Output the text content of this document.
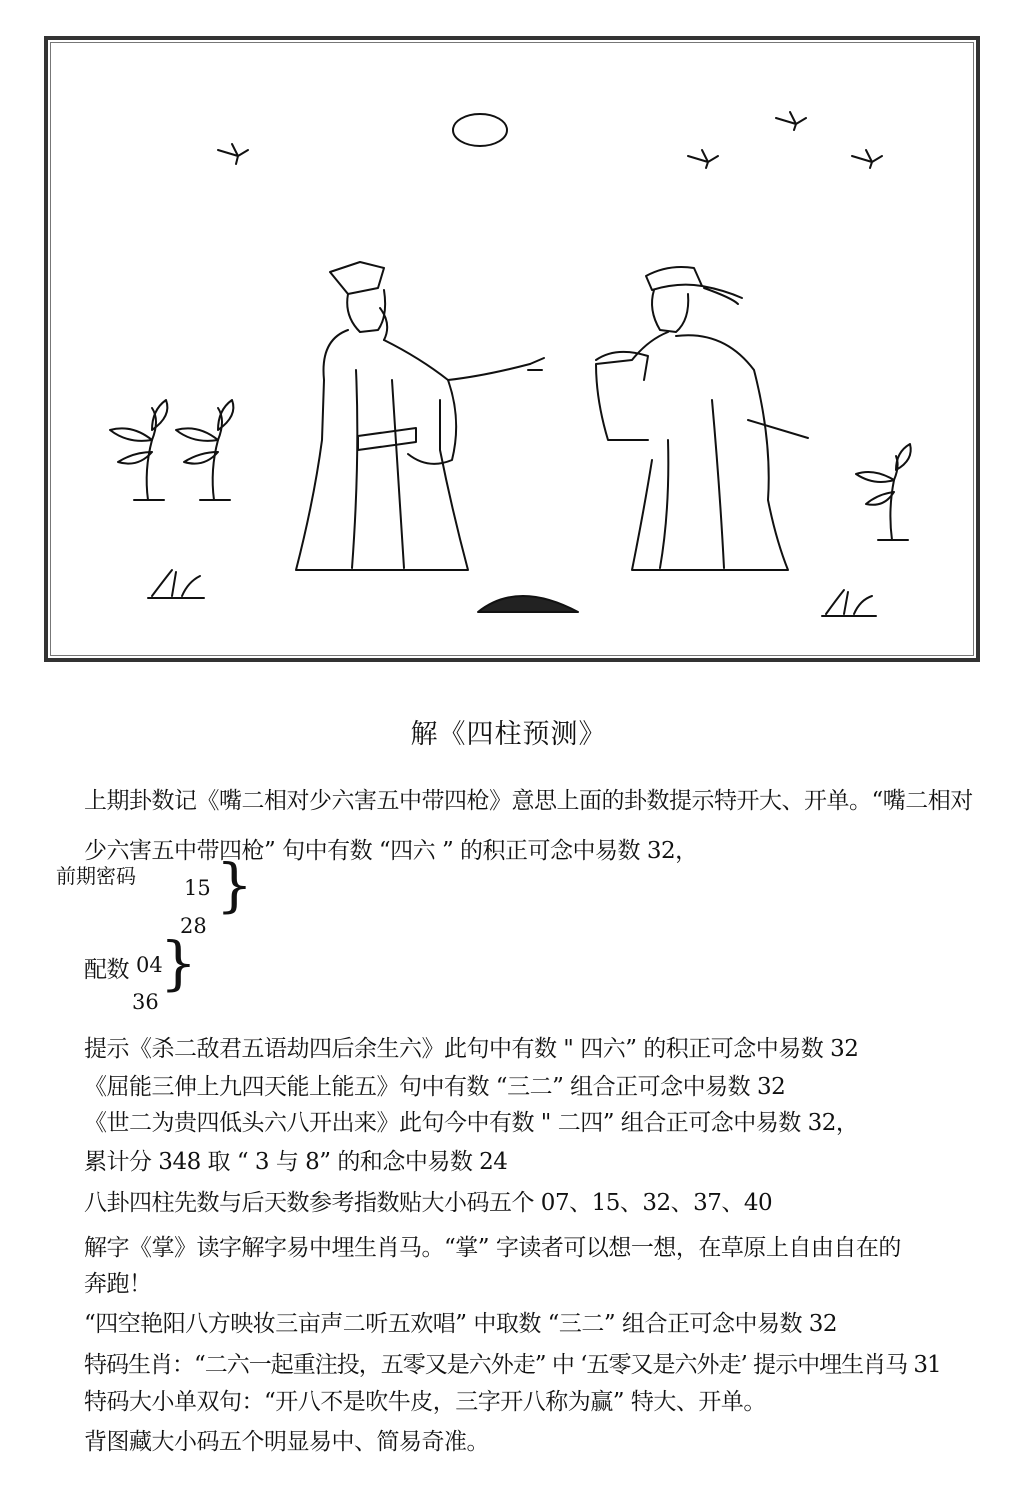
解《四柱预测》
上期卦数记《嘴二相对少六害五中带四枪》意思上面的卦数提示特开大、开单。“嘴二相对
少六害五中带四枪” 句中有数 “四六 ” 的积正可念中易数 32，
前期密码 15
28
}
配数 04
36
}
提示《杀二敌君五语劫四后余生六》此句中有数 " 四六” 的积正可念中易数 32
《屈能三伸上九四天能上能五》句中有数 “三二” 组合正可念中易数 32
《世二为贵四低头六八开出来》此句今中有数 " 二四” 组合正可念中易数 32，
累计分 348 取 “ 3 与 8” 的和念中易数 24
八卦四柱先数与后天数参考指数贴大小码五个 07、15、32、37、40
解字《掌》读字解字易中埋生肖马。“掌” 字读者可以想一想，在草原上自由自在的
奔跑！
“四空艳阳八方映妆三亩声二听五欢唱” 中取数 “三二” 组合正可念中易数 32
特码生肖：“二六一起重注投，五零又是六外走” 中 ‘五零又是六外走’ 提示中埋生肖马 31
特码大小单双句：“开八不是吹牛皮，三字开八称为赢” 特大、开单。
背图藏大小码五个明显易中、简易奇准。
